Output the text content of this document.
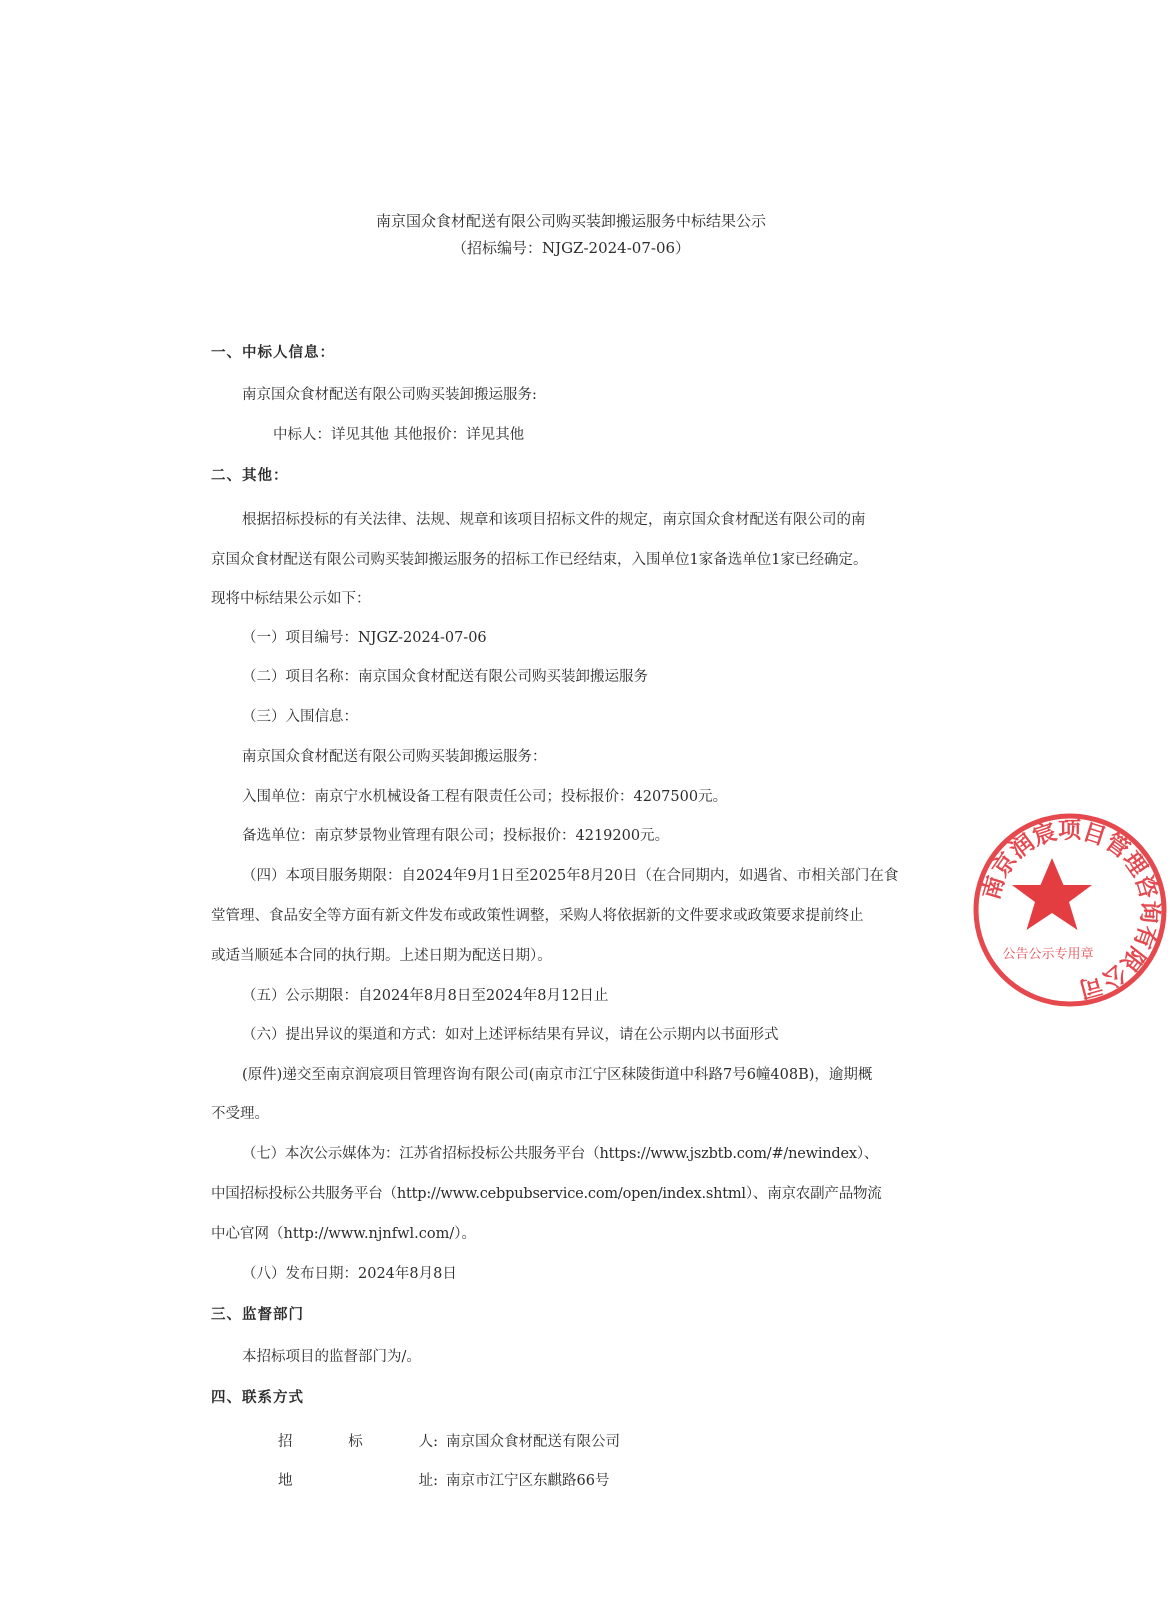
南京国众食材配送有限公司购买装卸搬运服务中标结果公示
（招标编号：NJGZ-2024-07-06）
一、中标人信息：
南京国众食材配送有限公司购买装卸搬运服务:
中标人：详见其他 其他报价：详见其他
二、其他：
根据招标投标的有关法律、法规、规章和该项目招标文件的规定，南京国众食材配送有限公司的南
京国众食材配送有限公司购买装卸搬运服务的招标工作已经结束，入围单位1家备选单位1家已经确定。
现将中标结果公示如下：
（一）项目编号：NJGZ-2024-07-06
（二）项目名称：南京国众食材配送有限公司购买装卸搬运服务
（三）入围信息：
南京国众食材配送有限公司购买装卸搬运服务：
入围单位：南京宁水机械设备工程有限责任公司；投标报价：4207500元。
备选单位：南京梦景物业管理有限公司；投标报价：4219200元。
（四）本项目服务期限：自2024年9月1日至2025年8月20日（在合同期内，如遇省、市相关部门在食
堂管理、食品安全等方面有新文件发布或政策性调整，采购人将依据新的文件要求或政策要求提前终止
或适当顺延本合同的执行期。上述日期为配送日期）。
（五）公示期限：自2024年8月8日至2024年8月12日止
（六）提出异议的渠道和方式：如对上述评标结果有异议，请在公示期内以书面形式
(原件)递交至南京润宸项目管理咨询有限公司(南京市江宁区秣陵街道中科路7号6幢408B)，逾期概
不受理。
（七）本次公示媒体为：江苏省招标投标公共服务平台（https://www.jszbtb.com/#/newindex）、
中国招标投标公共服务平台（http://www.cebpubservice.com/open/index.shtml）、南京农副产品物流
中心官网（http://www.njnfwl.com/）。
（八）发布日期：2024年8月8日
三、监督部门
本招标项目的监督部门为/。
四、联系方式
招	标	人: 南京国众食材配送有限公司
地	址: 南京市江宁区东麒路66号
南京润宸项目管理咨询有限公司
公告公示专用章
